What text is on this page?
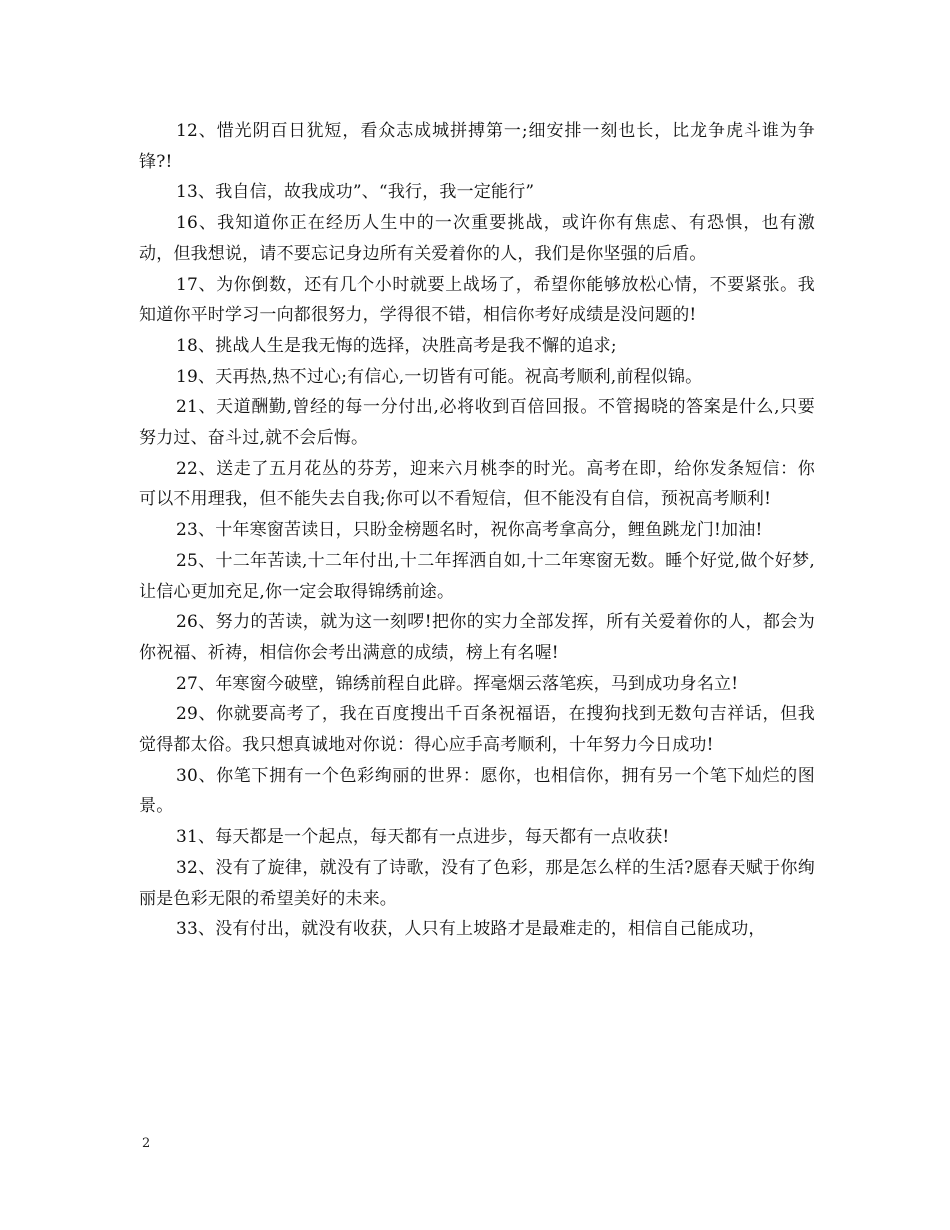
12、惜光阴百日犹短，看众志成城拼搏第一;细安排一刻也长，比龙争虎斗谁为争锋?!

13、我自信，故我成功”、“我行，我一定能行”

16、我知道你正在经历人生中的一次重要挑战，或许你有焦虑、有恐惧，也有激动，但我想说，请不要忘记身边所有关爱着你的人，我们是你坚强的后盾。

17、为你倒数，还有几个小时就要上战场了，希望你能够放松心情，不要紧张。我知道你平时学习一向都很努力，学得很不错，相信你考好成绩是没问题的!

18、挑战人生是我无悔的选择，决胜高考是我不懈的追求;

19、天再热,热不过心;有信心,一切皆有可能。祝高考顺利,前程似锦。

21、天道酬勤,曾经的每一分付出,必将收到百倍回报。不管揭晓的答案是什么,只要努力过、奋斗过,就不会后悔。

22、送走了五月花丛的芬芳，迎来六月桃李的时光。高考在即，给你发条短信：你可以不用理我，但不能失去自我;你可以不看短信，但不能没有自信，预祝高考顺利!

23、十年寒窗苦读日，只盼金榜题名时，祝你高考拿高分，鲤鱼跳龙门!加油!

25、十二年苦读,十二年付出,十二年挥洒自如,十二年寒窗无数。睡个好觉,做个好梦,让信心更加充足,你一定会取得锦绣前途。

26、努力的苦读，就为这一刻啰!把你的实力全部发挥，所有关爱着你的人，都会为你祝福、祈祷，相信你会考出满意的成绩，榜上有名喔!

27、年寒窗今破壁，锦绣前程自此辟。挥毫烟云落笔疾，马到成功身名立!

29、你就要高考了，我在百度搜出千百条祝福语，在搜狗找到无数句吉祥话，但我觉得都太俗。我只想真诚地对你说：得心应手高考顺利，十年努力今日成功!

30、你笔下拥有一个色彩绚丽的世界：愿你，也相信你，拥有另一个笔下灿烂的图景。

31、每天都是一个起点，每天都有一点进步，每天都有一点收获!

32、没有了旋律，就没有了诗歌，没有了色彩，那是怎么样的生活?愿春天赋于你绚丽是色彩无限的希望美好的未来。

33、没有付出，就没有收获，人只有上坡路才是最难走的，相信自己能成功，

2
